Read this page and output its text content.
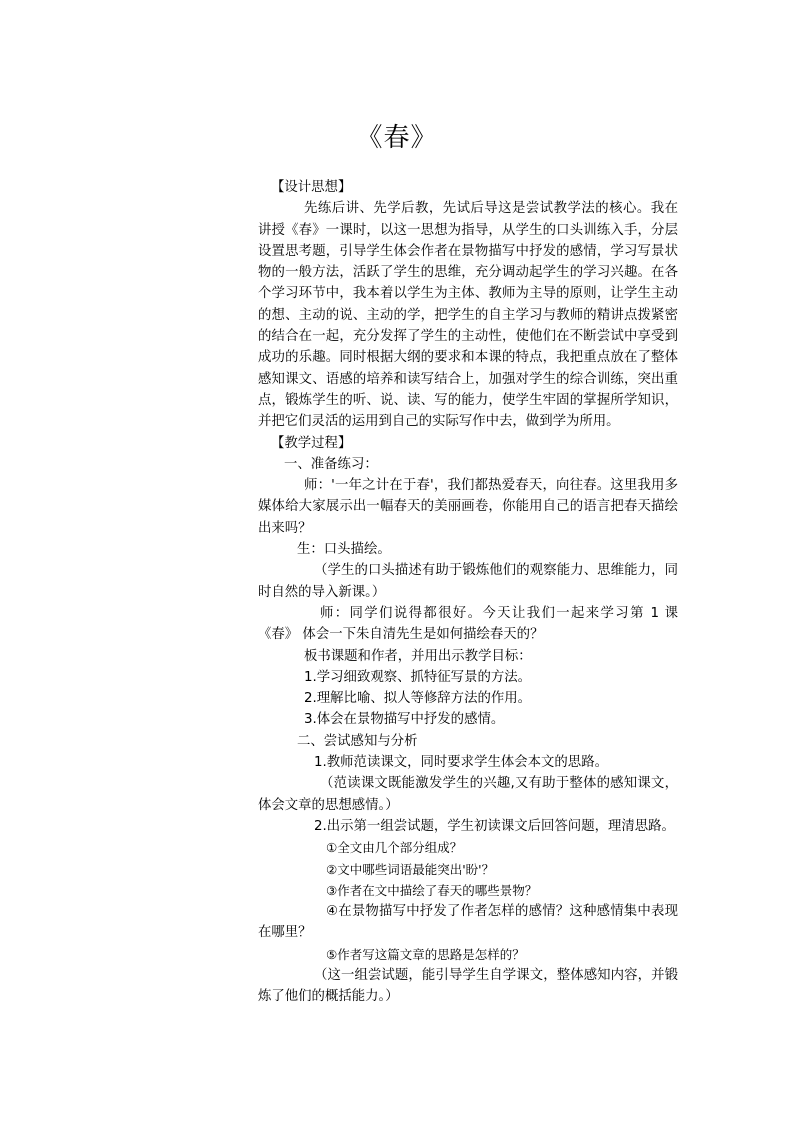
《春》

【设计思想】

先练后讲、先学后教，先试后导这是尝试教学法的核心。我在讲授《春》一课时，以这一思想为指导，从学生的口头训练入手，分层设置思考题，引导学生体会作者在景物描写中抒发的感情，学习写景状物的一般方法，活跃了学生的思维，充分调动起学生的学习兴趣。在各个学习环节中，我本着以学生为主体、教师为主导的原则，让学生主动的想、主动的说、主动的学，把学生的自主学习与教师的精讲点拨紧密的结合在一起，充分发挥了学生的主动性，使他们在不断尝试中享受到成功的乐趣。同时根据大纲的要求和本课的特点，我把重点放在了整体感知课文、语感的培养和读写结合上，加强对学生的综合训练，突出重点，锻炼学生的听、说、读、写的能力，使学生牢固的掌握所学知识，并把它们灵活的运用到自己的实际写作中去，做到学为所用。

【教学过程】

一、准备练习：

师：'一年之计在于春'，我们都热爱春天，向往春。这里我用多媒体给大家展示出一幅春天的美丽画卷，你能用自己的语言把春天描绘出来吗？

生：口头描绘。

（学生的口头描述有助于锻炼他们的观察能力、思维能力，同时自然的导入新课。）

师：同学们说得都很好。今天让我们一起来学习第 1 课《春》 体会一下朱自清先生是如何描绘春天的？

板书课题和作者，并用出示教学目标：

1.学习细致观察、抓特征写景的方法。

2.理解比喻、拟人等修辞方法的作用。

3.体会在景物描写中抒发的感情。

二、尝试感知与分析

1.教师范读课文，同时要求学生体会本文的思路。

（范读课文既能激发学生的兴趣,又有助于整体的感知课文，体会文章的思想感情。）

2.出示第一组尝试题，学生初读课文后回答问题，理清思路。

①全文由几个部分组成？

②文中哪些词语最能突出'盼'？

③作者在文中描绘了春天的哪些景物？

④在景物描写中抒发了作者怎样的感情？这种感情集中表现在哪里？

⑤作者写这篇文章的思路是怎样的？

（这一组尝试题，能引导学生自学课文，整体感知内容，并锻炼了他们的概括能力。）
